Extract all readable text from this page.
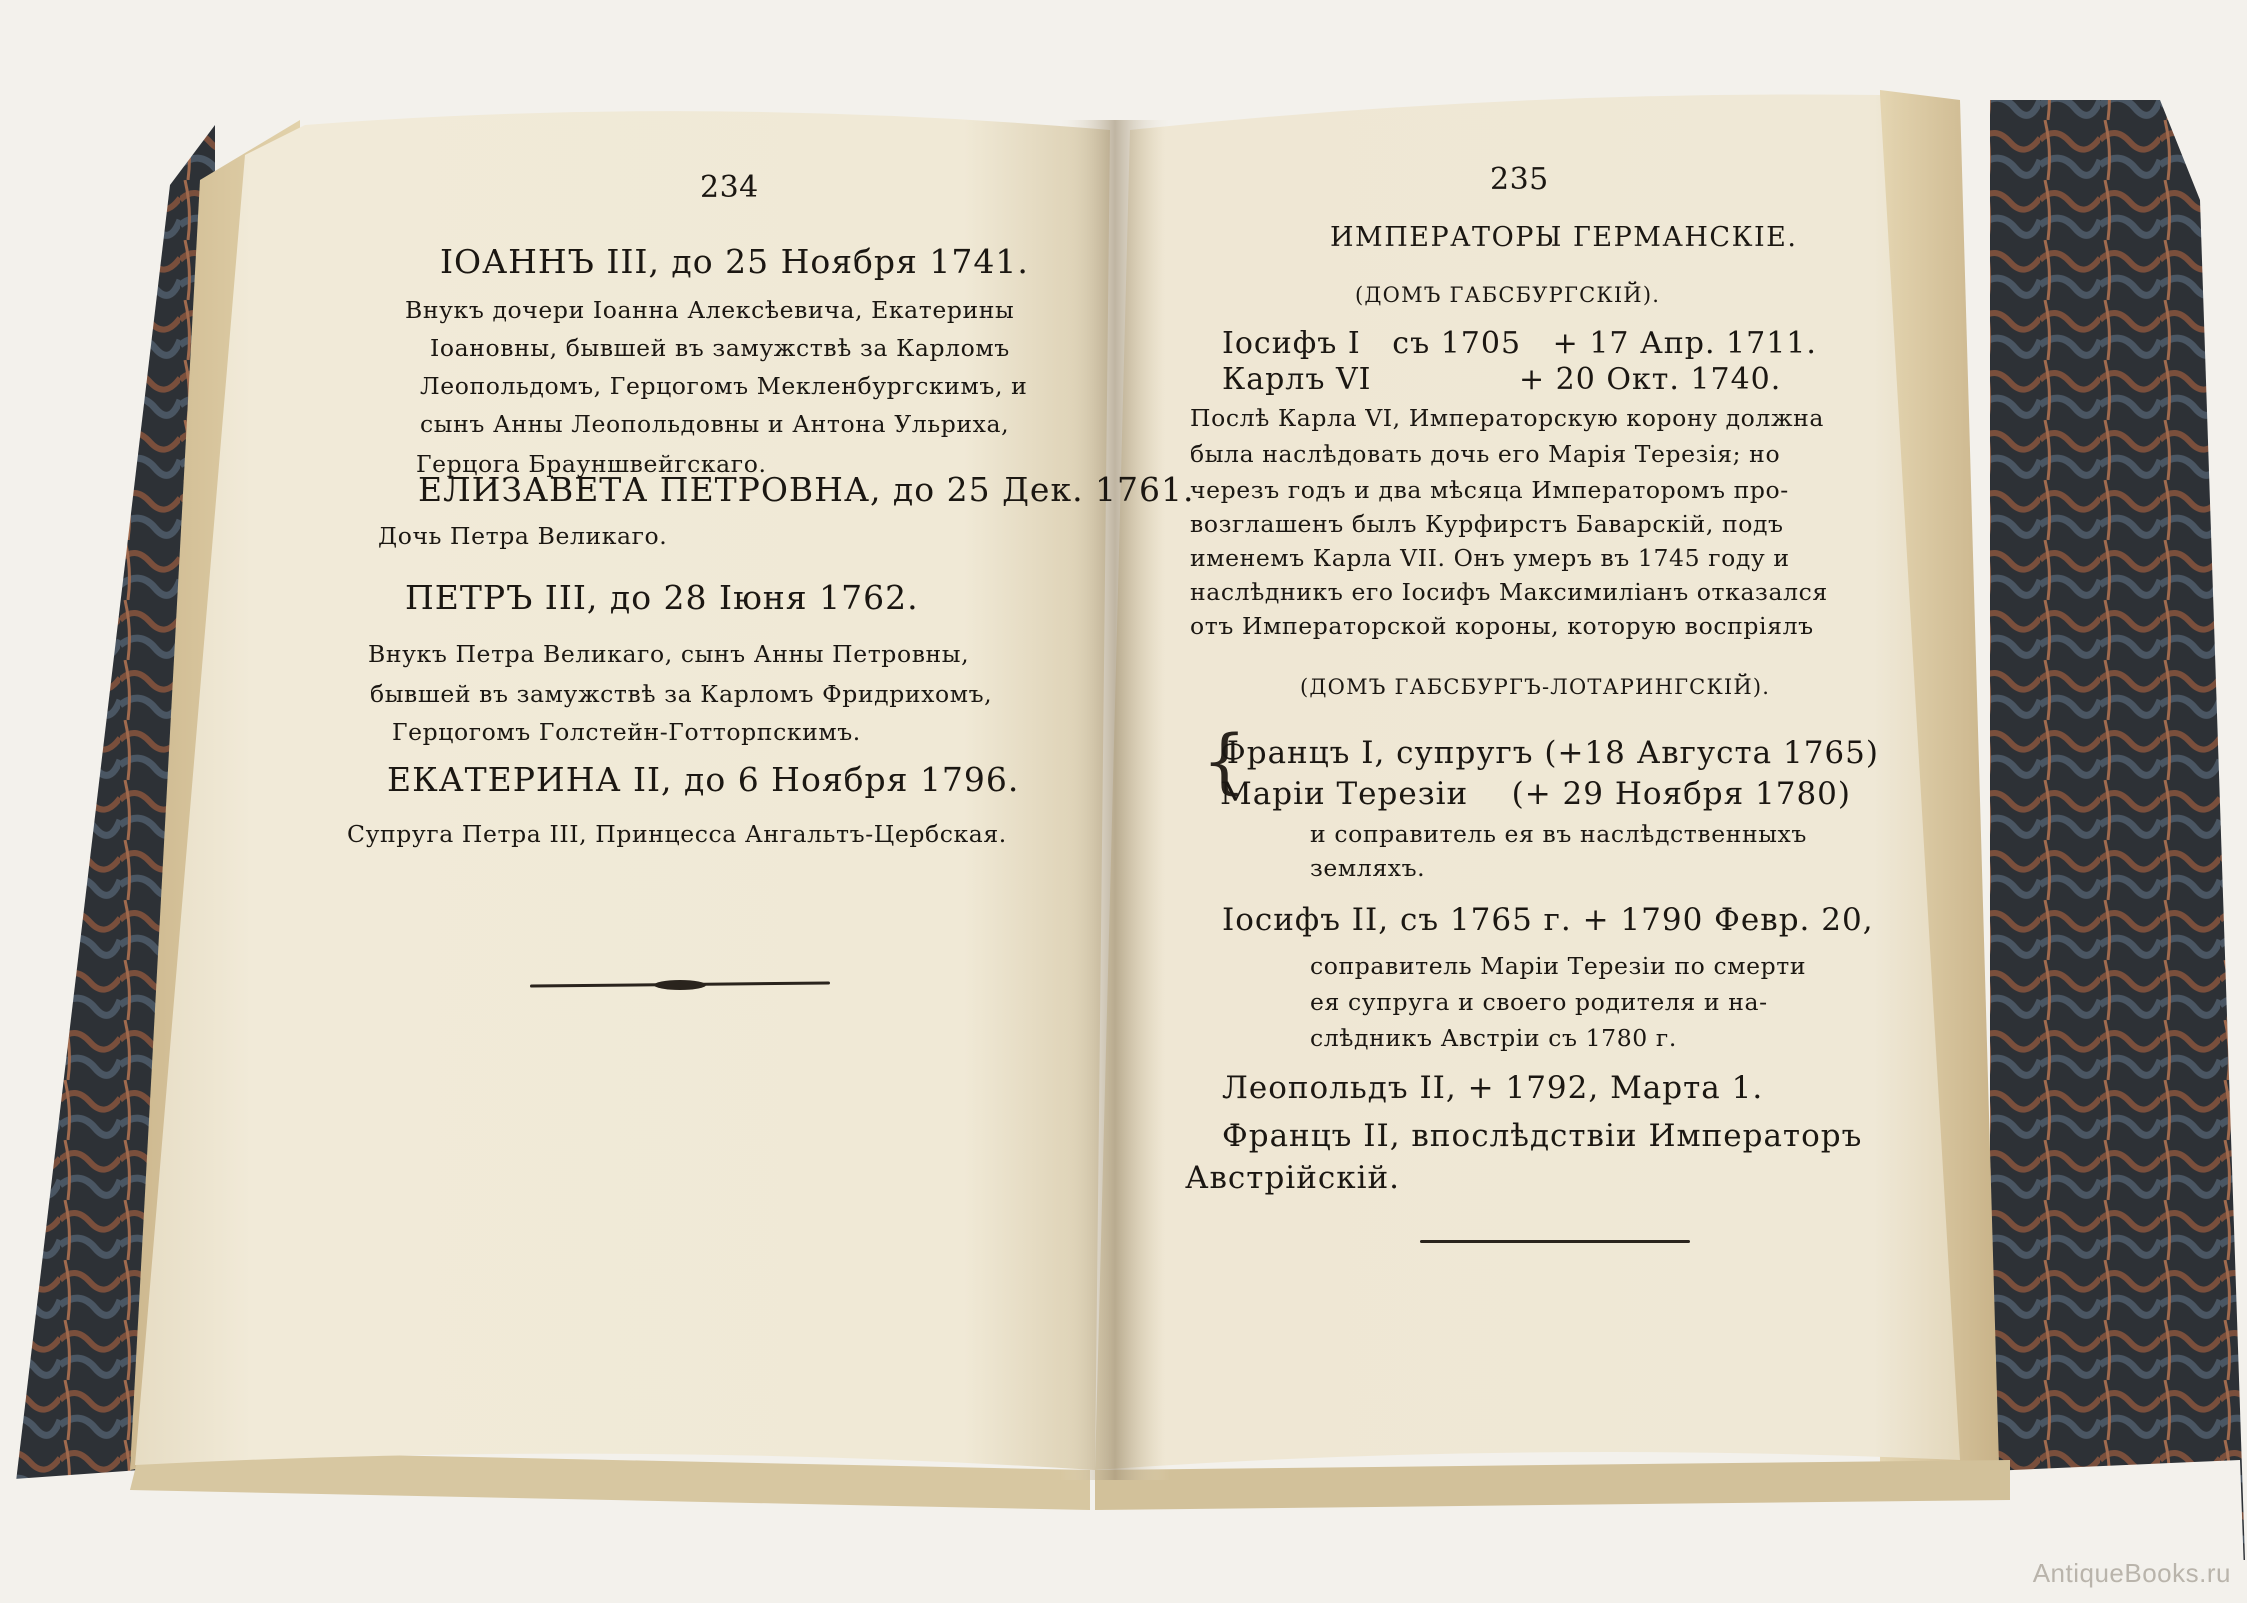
234
ІОАННЪ ІІІ, до 25 Ноября 1741.
Внукъ дочери Іоанна Алексѣевича, Екатерины
Іоановны, бывшей въ замужствѣ за Карломъ
Леопольдомъ, Герцогомъ Мекленбургскимъ, и
сынъ Анны Леопольдовны и Антона Ульриха,
Герцога Брауншвейгскаго.
ЕЛИЗАВЕТА ПЕТРОВНА, до 25 Дек. 1761.
Дочь Петра Великаго.
ПЕТРЪ ІІІ, до 28 Іюня 1762.
Внукъ Петра Великаго, сынъ Анны Петровны,
бывшей въ замужствѣ за Карломъ Фридрихомъ,
Герцогомъ Голстейн-Готторпскимъ.
ЕКАТЕРИНА ІІ, до 6 Ноября 1796.
Супруга Петра ІІІ, Принцесса Ангальтъ-Цербская.
235
ИМПЕРАТОРЫ ГЕРМАНСКІЕ.
(ДОМЪ ГАБСБУРГСКІЙ).
Іосифъ І   съ 1705   + 17 Апр. 1711.
Карлъ VI              + 20 Окт. 1740.
Послѣ Карла VI, Императорскую корону должна
была наслѣдовать дочь его Марія Терезія; но
черезъ годъ и два мѣсяца Императоромъ про-
возглашенъ былъ Курфирстъ Баварскій, подъ
именемъ Карла VII. Онъ умеръ въ 1745 году и
наслѣдникъ его Іосифъ Максимиліанъ отказался
отъ Императорской короны, которую воспріялъ
(ДОМЪ ГАБСБУРГЪ-ЛОТАРИНГСКІЙ).
{
Францъ І, супругъ (+18 Августа 1765)
Маріи Терезіи    (+ 29 Ноября 1780)
и соправитель ея въ наслѣдственныхъ
земляхъ.
Іосифъ ІІ, съ 1765 г. + 1790 Февр. 20,
соправитель Маріи Терезіи по смерти
ея супруга и своего родителя и на-
слѣдникъ Австріи съ 1780 г.
Леопольдъ ІІ, + 1792, Марта 1.
Францъ ІІ, впослѣдствіи Императоръ
Австрійскій.
AntiqueBooks.ru
